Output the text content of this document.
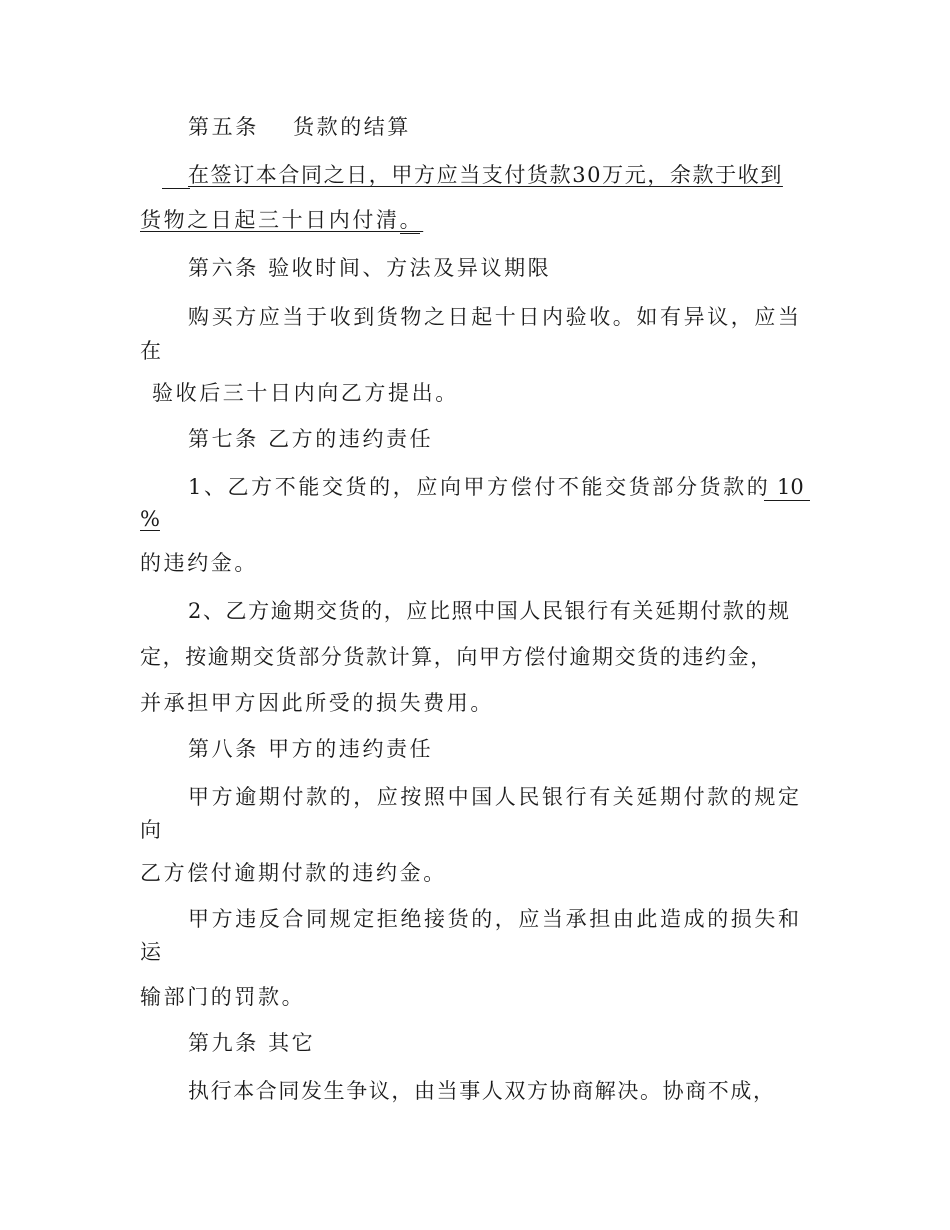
第五条 货款的结算
在签订本合同之日，甲方应当支付货款30万元，余款于收到
货物之日起三十日内付清。
第六条 验收时间、方法及异议期限
购买方应当于收到货物之日起十日内验收。如有异议，应当
在
验收后三十日内向乙方提出。
第七条 乙方的违约责任
1、乙方不能交货的，应向甲方偿付不能交货部分货款的 10
%
的违约金。
2、乙方逾期交货的，应比照中国人民银行有关延期付款的规
定，按逾期交货部分货款计算，向甲方偿付逾期交货的违约金，
并承担甲方因此所受的损失费用。
第八条 甲方的违约责任
甲方逾期付款的，应按照中国人民银行有关延期付款的规定
向
乙方偿付逾期付款的违约金。
甲方违反合同规定拒绝接货的，应当承担由此造成的损失和
运
输部门的罚款。
第九条 其它
执行本合同发生争议，由当事人双方协商解决。协商不成，
